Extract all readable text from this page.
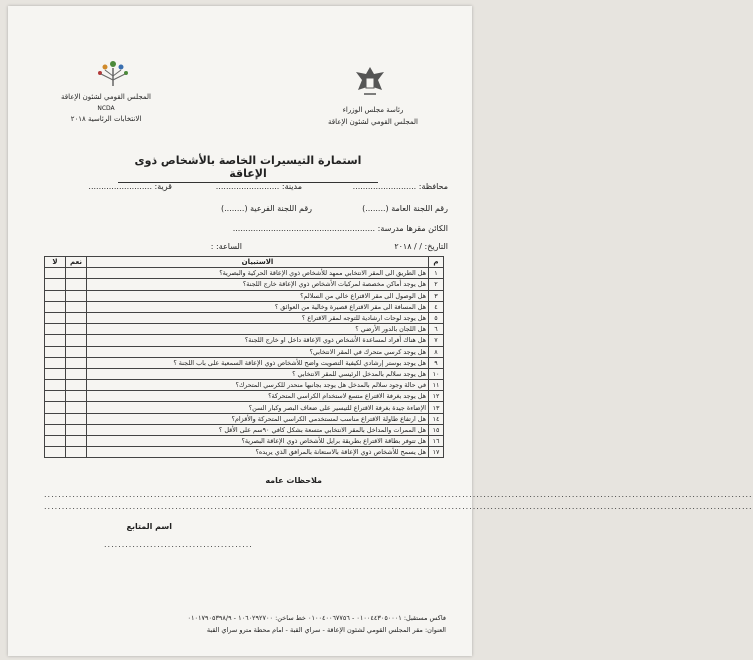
رئاسة مجلس الوزراء
المجلس القومي لشئون الإعاقة
المجلس القومي لشئون الإعاقة
NCDA
الانتخابات الرئاسية ٢٠١٨
استمارة التيسيرات الخاصة بالأشخاص ذوى الإعاقة
محافظة: .........................
مدينة: .........................
قرية: .........................
رقم اللجنة العامة (........)
رقم اللجنة الفرعية (........)
الكائن مقرها مدرسة: ........................................................
التاريخ: / / ٢٠١٨
الساعة: :
م	الاستبيان	نعم	لا
١	هل الطريق الى المقر الانتخابي ممهد للأشخاص ذوي الإعاقة الحركية والبصرية؟		
٢	هل يوجد أماكن مخصصة لمركبات الأشخاص ذوي الإعاقة خارج اللجنة؟		
٣	هل الوصول الى مقر الاقتراع خالي من السلالم؟		
٤	هل المسافة الى مقر الاقتراع قصيرة وخالية من العوائق ؟		
٥	هل يوجد لوحات ارشادية للتوجه لمقر الاقتراع ؟		
٦	هل اللجان بالدور الأرضي ؟		
٧	هل هناك أفراد لمساعدة الأشخاص ذوي الإعاقة داخل او خارج اللجنة؟		
٨	هل يوجد كرسي متحرك في المقر الانتخابي؟		
٩	هل يوجد بوستر إرشادي لكيفية التصويت واضح للأشخاص ذوي الإعاقة السمعية على باب اللجنة ؟		
١٠	هل يوجد سلالم بالمدخل الرئيسي للمقر الانتخابي ؟		
١١	في حالة وجود سلالم بالمدخل هل يوجد بجانبها منحدر للكرسي المتحرك؟		
١٢	هل يوجد بغرفة الاقتراع متسع لاستخدام الكراسي المتحركة؟		
١٣	الإضاءة جيدة بغرفة الاقتراع للتيسير على ضعاف البصر وكبار السن؟		
١٤	هل ارتفاع طاولة الاقتراع مناسب لمستخدمي الكراسي المتحركة والأقزام؟		
١٥	هل الممرات والمداخل بالمقر الانتخابي متسعة بشكل كافي ٩٠سم على الأقل ؟		
١٦	هل تتوفر بطاقة الاقتراع بطريقة برايل للأشخاص ذوي الإعاقة البصرية؟		
١٧	هل يسمح للأشخاص ذوي الإعاقة بالاستعانة بالمرافق الذي يريده؟		
ملاحظات عامه
........................................................................................................................................................................................................
........................................................................................................................................................................................................
اسم المتابع
..........................................
فاكس مستقبل: ٠١٠٠٤٤٣٠٥٠٠٠١ - ٠١٠٠٤٠٠٦٧٧٥٦ خط ساخن: ١٠٦٠٢٩٢٧٠٠ - ٠١٠١٧٩٠٥٣٩٨/٩
العنوان: مقر المجلس القومي لشئون الإعاقة - سراي القبة - امام محطة مترو سراي القبة
